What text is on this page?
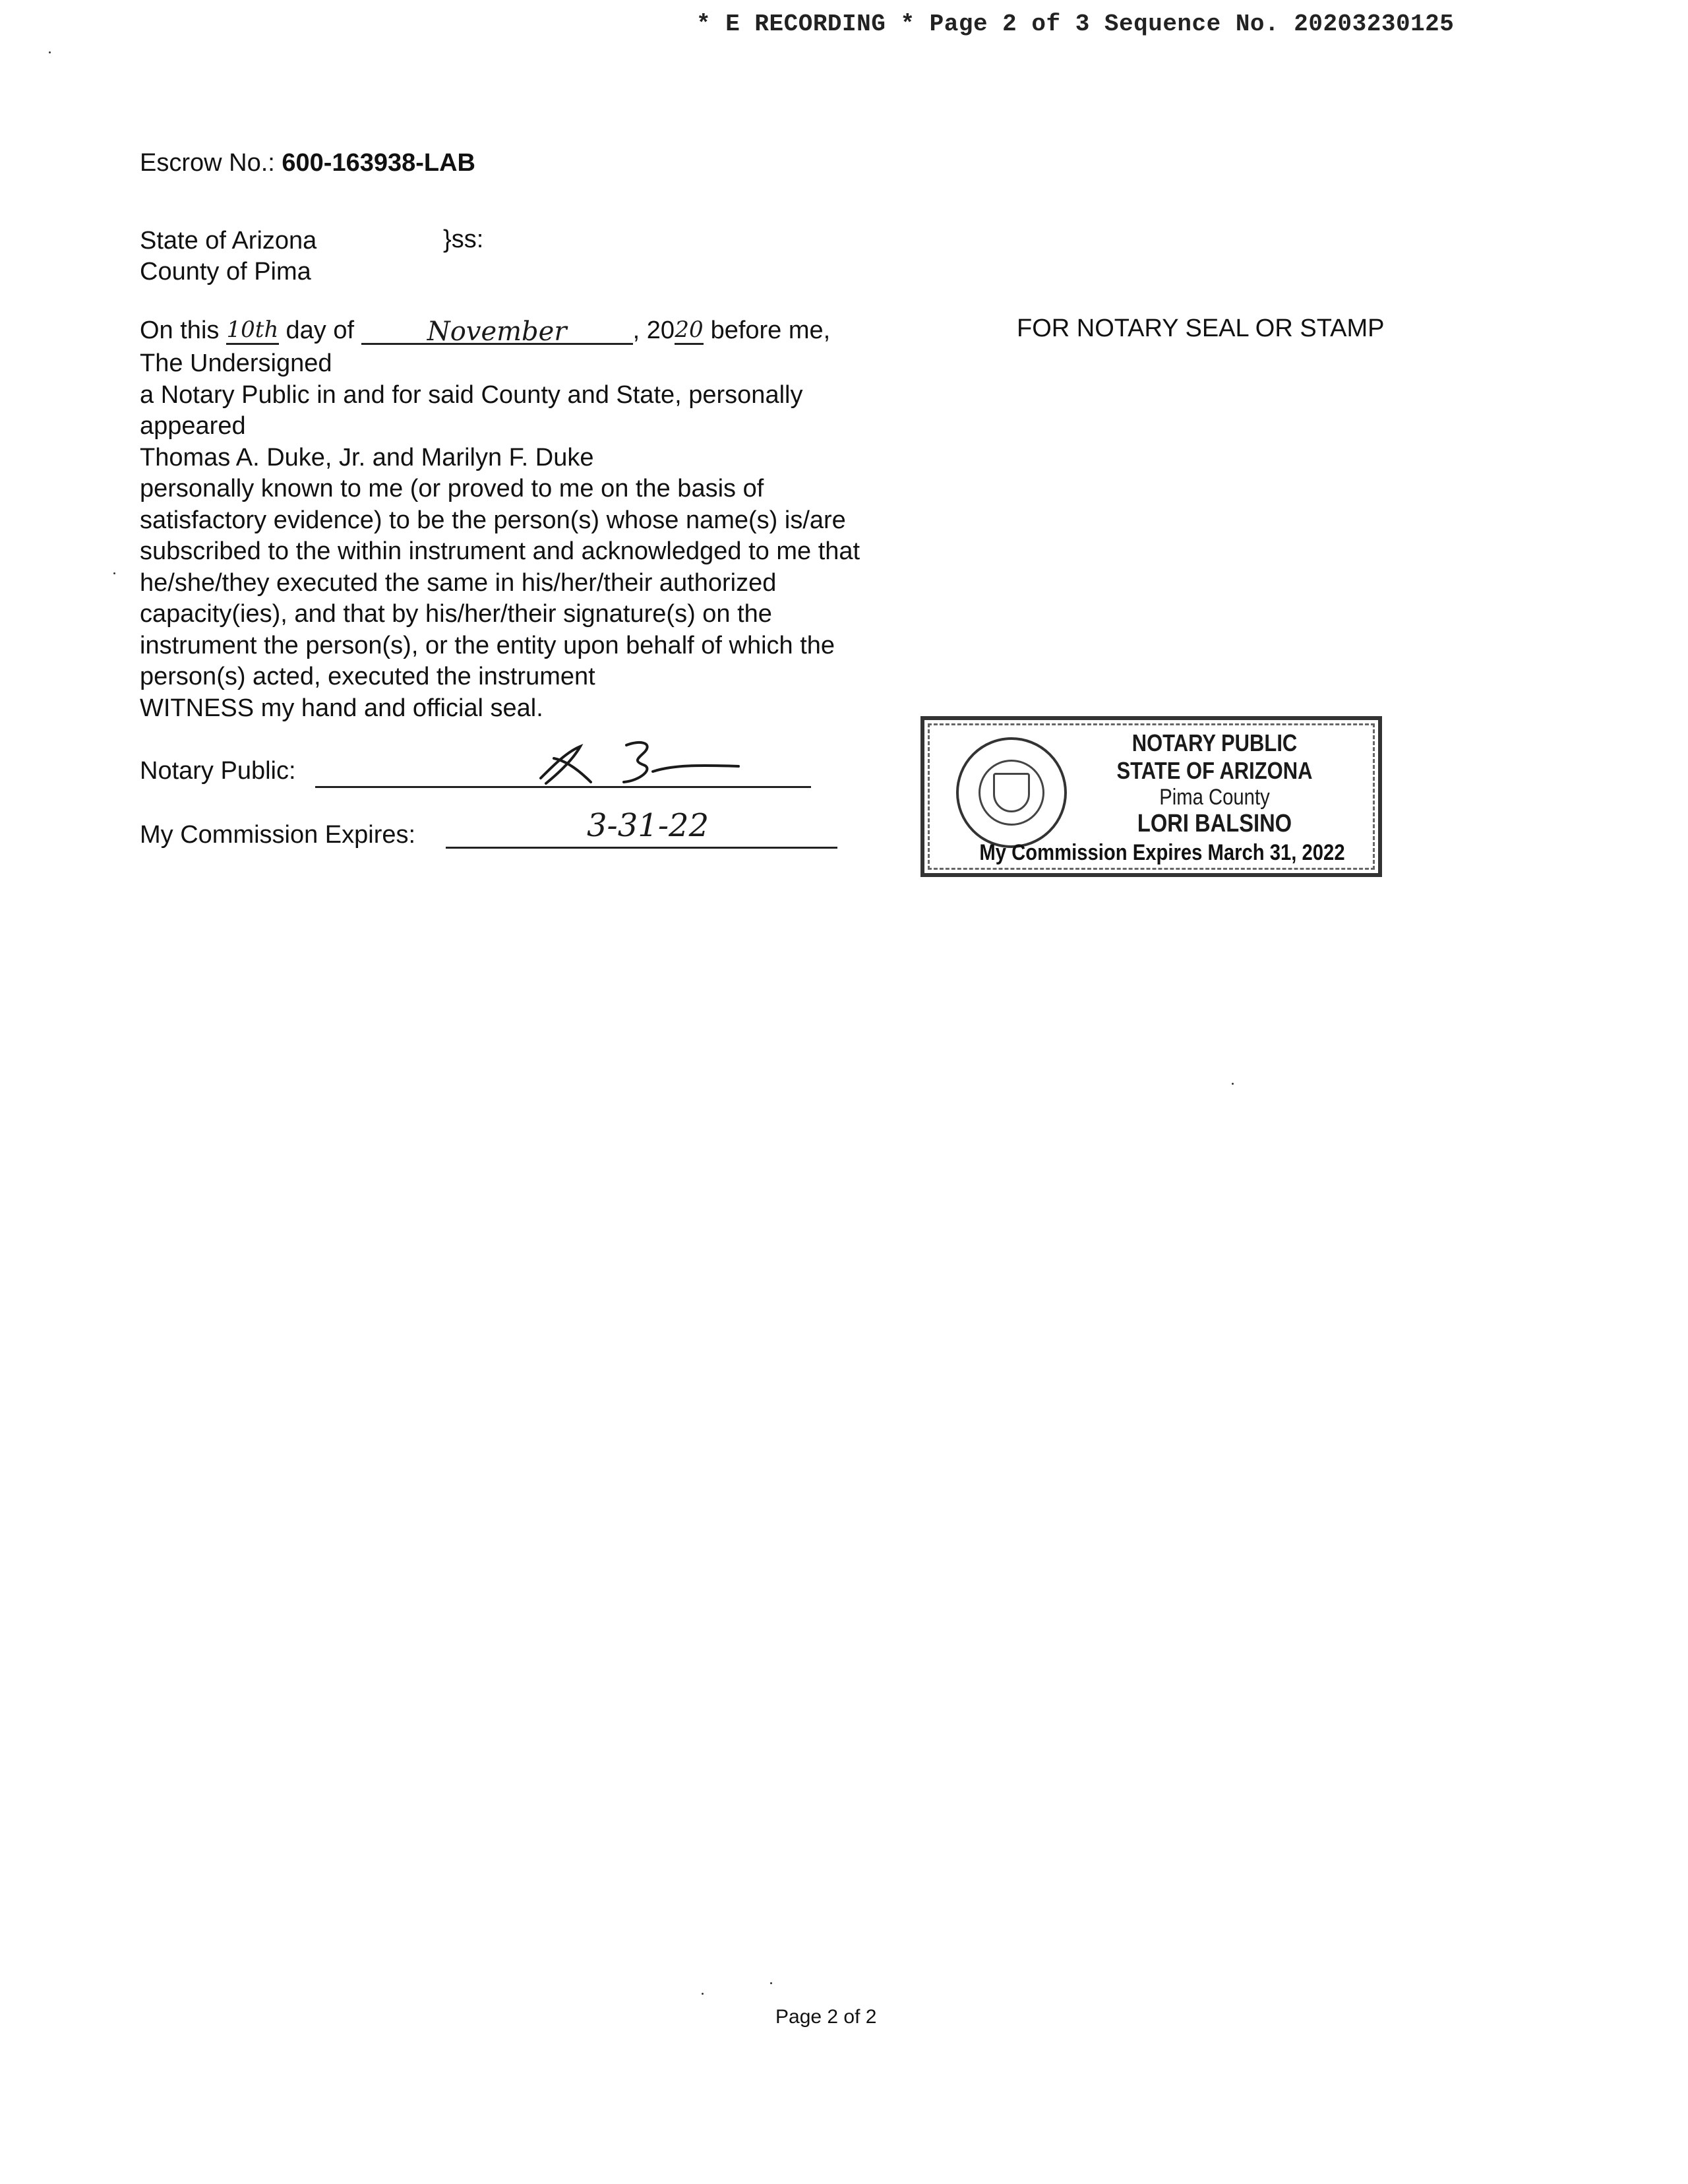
* E RECORDING * Page 2 of 3 Sequence No. 20203230125
Escrow No.: 600-163938-LAB
State of Arizona	}ss:
County of Pima
On this 10th day of	November	, 2020 before me,	FOR NOTARY SEAL OR STAMP
The Undersigned
a Notary Public in and for said County and State, personally
appeared
Thomas A. Duke, Jr. and Marilyn F. Duke
personally known to me (or proved to me on the basis of
satisfactory evidence) to be the person(s) whose name(s) is/are
subscribed to the within instrument and acknowledged to me that
he/she/they executed the same in his/her/their authorized
capacity(ies), and that by his/her/their signature(s) on the
instrument the person(s), or the entity upon behalf of which the
person(s) acted, executed the instrument
WITNESS my hand and official seal.
Notary Public:
My Commission Expires:	3-31-22
NOTARY PUBLIC
STATE OF ARIZONA
Pima County
LORI BALSINO
My Commission Expires March 31, 2022
Page 2 of 2
